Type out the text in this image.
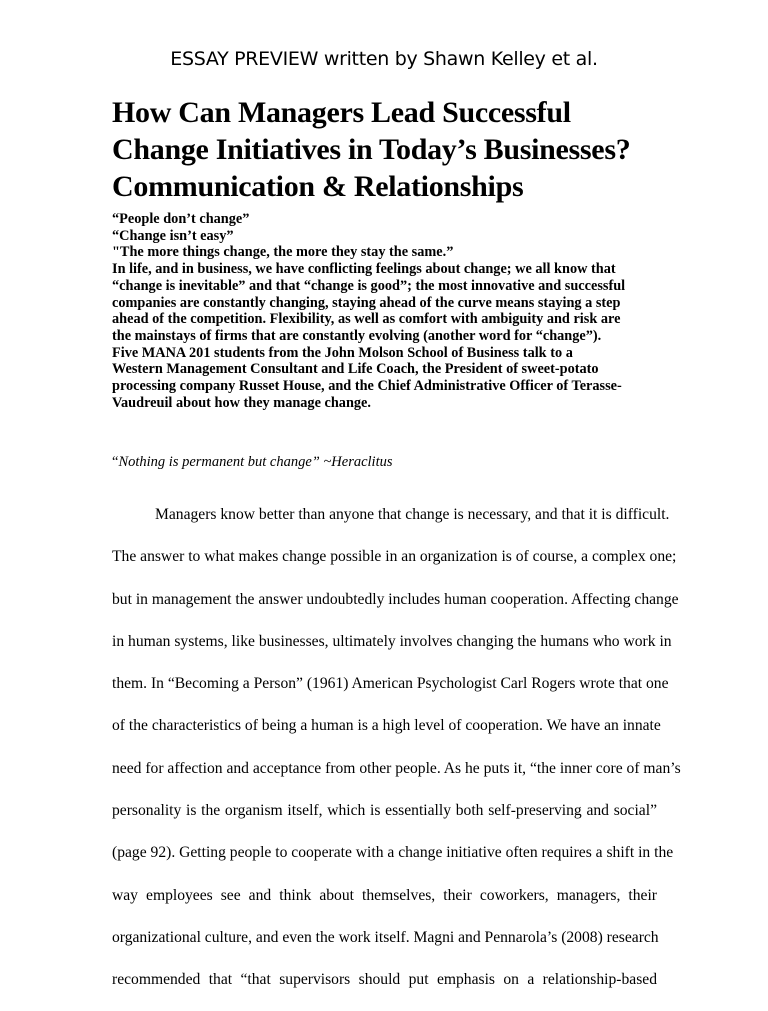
ESSAY PREVIEW written by Shawn Kelley et al.
How Can Managers Lead Successful
Change Initiatives in Today’s Businesses?
Communication & Relationships
“People don’t change”
“Change isn’t easy”
"The more things change, the more they stay the same.”
In life, and in business, we have conflicting feelings about change; we all know that
“change is inevitable” and that “change is good”; the most innovative and successful
companies are constantly changing, staying ahead of the curve means staying a step
ahead of the competition. Flexibility, as well as comfort with ambiguity and risk are
the mainstays of firms that are constantly evolving (another word for “change”).
Five MANA 201 students from the John Molson School of Business talk to a
Western Management Consultant and Life Coach, the President of sweet-potato
processing company Russet House, and the Chief Administrative Officer of Terasse-
Vaudreuil about how they manage change.
“Nothing is permanent but change” ~Heraclitus
Managers know better than anyone that change is necessary, and that it is difficult.
The answer to what makes change possible in an organization is of course, a complex one;
but in management the answer undoubtedly includes human cooperation. Affecting change
in human systems, like businesses, ultimately involves changing the humans who work in
them. In “Becoming a Person” (1961) American Psychologist Carl Rogers wrote that one
of the characteristics of being a human is a high level of cooperation. We have an innate
need for affection and acceptance from other people. As he puts it, “the inner core of man’s
personality is the organism itself, which is essentially both self-preserving and social”
(page 92). Getting people to cooperate with a change initiative often requires a shift in the
way employees see and think about themselves, their coworkers, managers, their
organizational culture, and even the work itself. Magni and Pennarola’s (2008) research
recommended that “that supervisors should put emphasis on a relationship-based
